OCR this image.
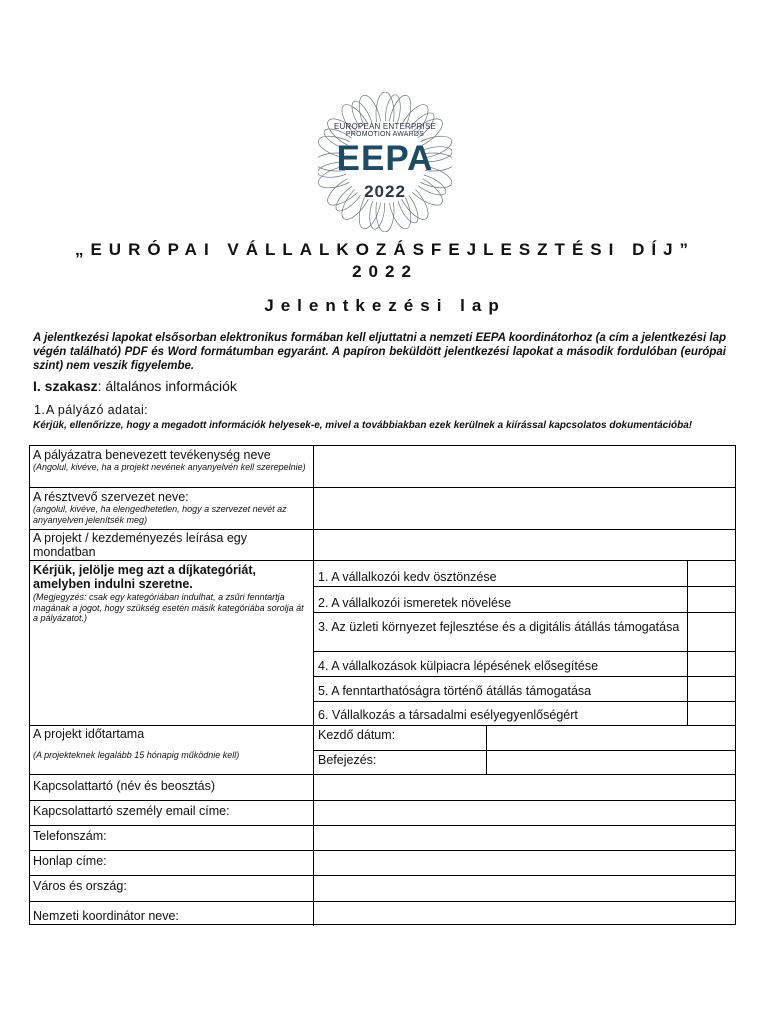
EUROPEAN ENTERPRISE
PROMOTION AWARDS
EEPA
2022
„EURÓPAI VÁLLALKOZÁSFEJLESZTÉSI DÍJ”
2022
Jelentkezési lap
A jelentkezési lapokat elsősorban elektronikus formában kell eljuttatni a nemzeti EEPA koordinátorhoz (a cím a jelentkezési lap végén található) PDF és Word formátumban egyaránt. A papíron beküldött jelentkezési lapokat a második fordulóban (európai szint) nem veszik figyelembe.
I. szakasz: általános információk
1. A pályázó adatai:
Kérjük, ellenőrizze, hogy a megadott információk helyesek-e, mivel a továbbiakban ezek kerülnek a kiírással kapcsolatos dokumentációba!
A pályázatra benevezett tevékenység neve
(Angolul, kivéve, ha a projekt nevének anyanyelvén kell szerepelnie)
A résztvevő szervezet neve:
(angolul, kivéve, ha elengedhetetlen, hogy a szervezet nevét az anyanyelven jelenítsék meg)
A projekt / kezdeményezés leírása egy mondatban
Kérjük, jelölje meg azt a díjkategóriát, amelyben indulni szeretne.
(Megjegyzés: csak egy kategóriában indulhat, a zsűri fenntartja magának a jogot, hogy szükség esetén másik kategóriába sorolja át a pályázatot.)
1. A vállalkozói kedv ösztönzése
2. A vállalkozói ismeretek növelése
3. Az üzleti környezet fejlesztése és a digitális átállás támogatása
4. A vállalkozások külpiacra lépésének elősegítése
5. A fenntarthatóságra történő átállás támogatása
6. Vállalkozás a társadalmi esélyegyenlőségért
A projekt időtartama
(A projekteknek legalább 15 hónapig működnie kell)
Kezdő dátum:
Befejezés:
Kapcsolattartó (név és beosztás)
Kapcsolattartó személy email címe:
Telefonszám:
Honlap címe:
Város és ország:
Nemzeti koordinátor neve:
